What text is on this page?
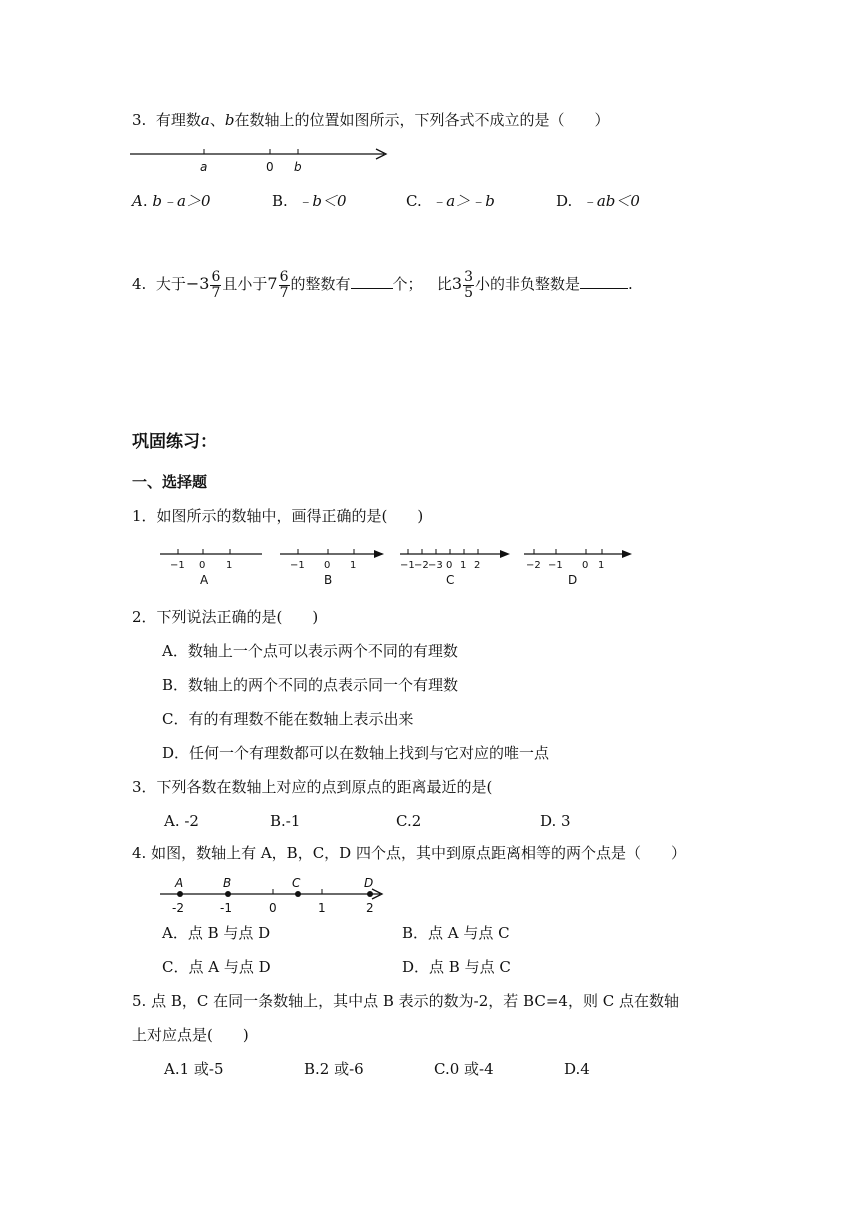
3. 有理数a、b在数轴上的位置如图所示，下列各式不成立的是（　　）
a	0 b
A. b﹣a＞0	B. ﹣b＜0	C. ﹣a＞﹣b	D. ﹣ab＜0
4. 大于$-3 \frac{6}{7}$ 且小于$7 \frac{6}{7}$ 的整数有	个； 比$3 \frac{3}{5}$ 小的非负整数是	.
巩固练习：
一、选择题
1．如图所示的数轴中，画得正确的是(　　)
−1 0 1
A
−1 0 1
B
−1 −2 −3 0 1 2
C
−2 −1 0 1
D
2．下列说法正确的是(　　)
A．数轴上一个点可以表示两个不同的有理数
B．数轴上的两个不同的点表示同一个有理数
C．有的有理数不能在数轴上表示出来
D．任何一个有理数都可以在数轴上找到与它对应的唯一点
3．下列各数在数轴上对应的点到原点的距离最近的是(
A. -2	B.-1	C.2	D. 3
4. 如图，数轴上有 A，B，C，D 四个点，其中到原点距离相等的两个点是（　　）
A	B	C	D
-2	-1	0	1	2
A．点 B 与点 D	B．点 A 与点 C
C．点 A 与点 D	D．点 B 与点 C
5. 点 B，C 在同一条数轴上，其中点 B 表示的数为-2，若 BC=4，则 C 点在数轴
上对应点是(　　)
A.1 或-5	B.2 或-6	C.0 或-4	D.4
